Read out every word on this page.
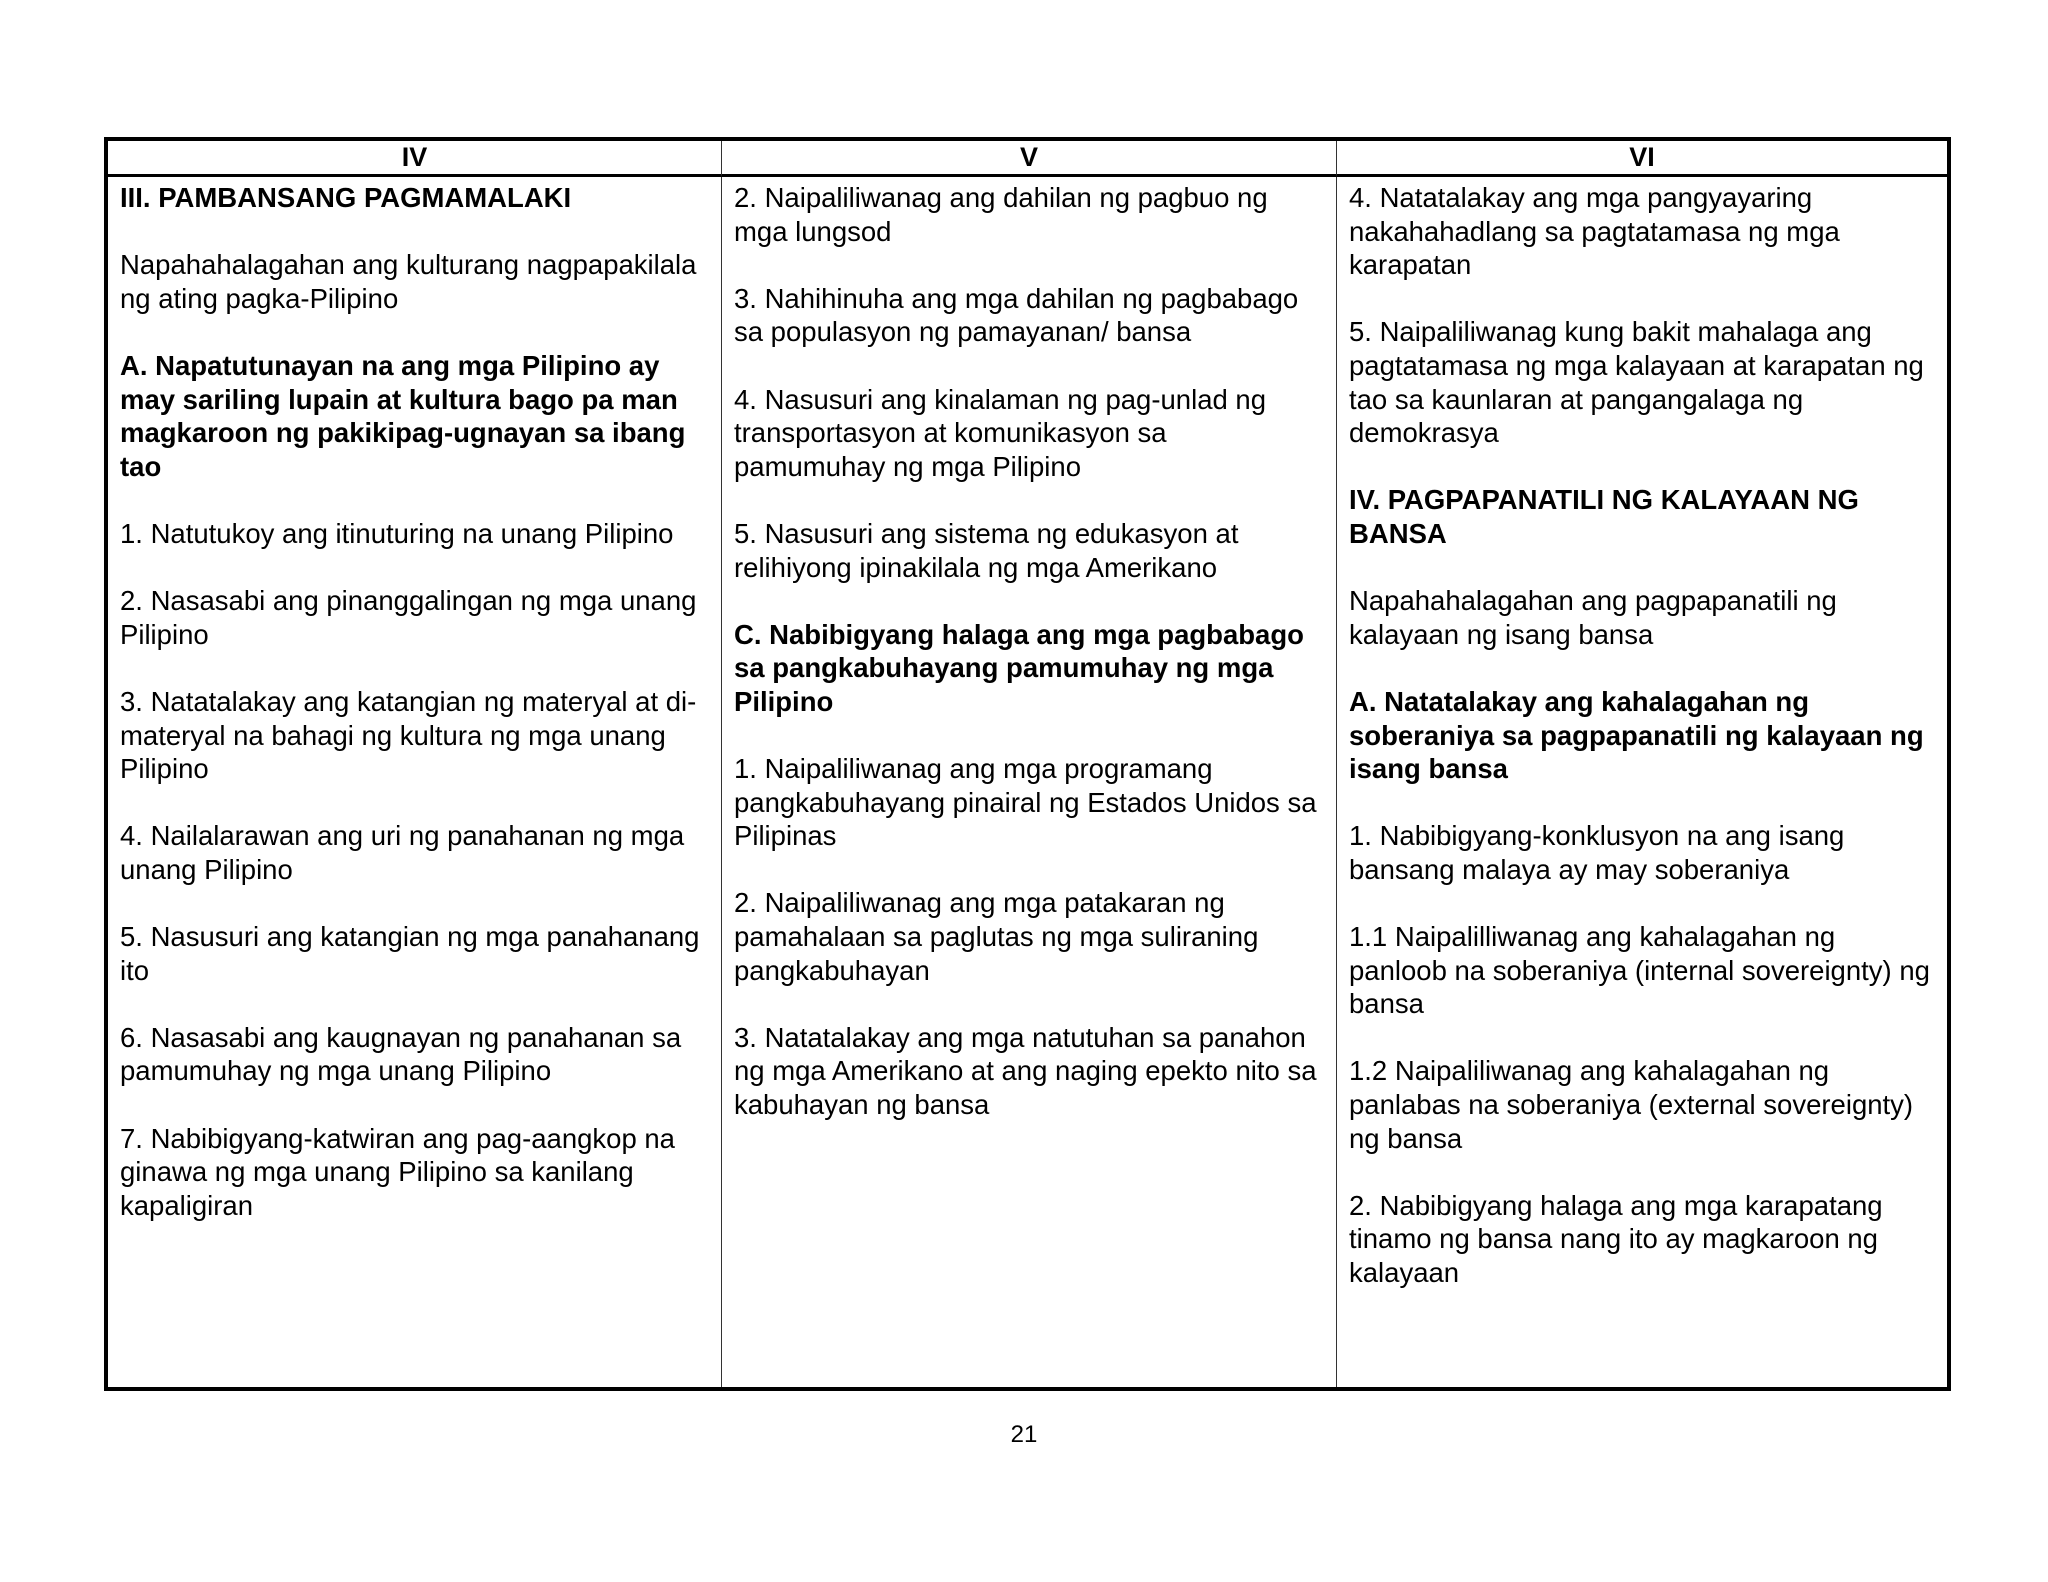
IV	V	VI

III. PAMBANSANG PAGMAMALAKI

Napahahalagahan ang kulturang nagpapakilala ng ating pagka-Pilipino

A. Napatutunayan na ang mga Pilipino ay may sariling lupain at kultura bago pa man magkaroon ng pakikipag-ugnayan sa ibang tao

1. Natutukoy ang itinuturing na unang Pilipino

2. Nasasabi ang pinanggalingan ng mga unang Pilipino

3. Natatalakay ang katangian ng materyal at di-materyal na bahagi ng kultura ng mga unang Pilipino

4. Nailalarawan ang uri ng panahanan ng mga unang Pilipino

5. Nasusuri ang katangian ng mga panahanang ito

6. Nasasabi ang kaugnayan ng panahanan sa pamumuhay ng mga unang Pilipino

7. Nabibigyang-katwiran ang pag-aangkop na ginawa ng mga unang Pilipino sa kanilang kapaligiran

2. Naipaliliwanag ang dahilan ng pagbuo ng mga lungsod

3. Nahihinuha ang mga dahilan ng pagbabago sa populasyon ng pamayanan/ bansa

4. Nasusuri ang kinalaman ng pag-unlad ng transportasyon at komunikasyon sa pamumuhay ng mga Pilipino

5. Nasusuri ang sistema ng edukasyon at relihiyong ipinakilala ng mga Amerikano

C. Nabibigyang halaga ang mga pagbabago sa pangkabuhayang pamumuhay ng mga Pilipino

1. Naipaliliwanag ang mga programang pangkabuhayang pinairal ng Estados Unidos sa Pilipinas

2. Naipaliliwanag ang mga patakaran ng pamahalaan sa paglutas ng mga suliraning pangkabuhayan

3. Natatalakay ang mga natutuhan sa panahon ng mga Amerikano at ang naging epekto nito sa kabuhayan ng bansa

4. Natatalakay ang mga pangyayaring nakahahadlang sa pagtatamasa ng mga karapatan

5. Naipaliliwanag kung bakit mahalaga ang pagtatamasa ng mga kalayaan at karapatan ng tao sa kaunlaran at pangangalaga ng demokrasya

IV. PAGPAPANATILI NG KALAYAAN NG BANSA

Napahahalagahan ang pagpapanatili ng kalayaan ng isang bansa

A. Natatalakay ang kahalagahan ng soberaniya sa pagpapanatili ng kalayaan ng isang bansa

1. Nabibigyang-konklusyon na ang isang bansang malaya ay may soberaniya

1.1 Naipalilliwanag ang kahalagahan ng panloob na soberaniya (internal sovereignty) ng bansa

1.2 Naipaliliwanag ang kahalagahan ng panlabas na soberaniya (external sovereignty) ng bansa

2. Nabibigyang halaga ang mga karapatang tinamo ng bansa nang ito ay magkaroon ng kalayaan

21
